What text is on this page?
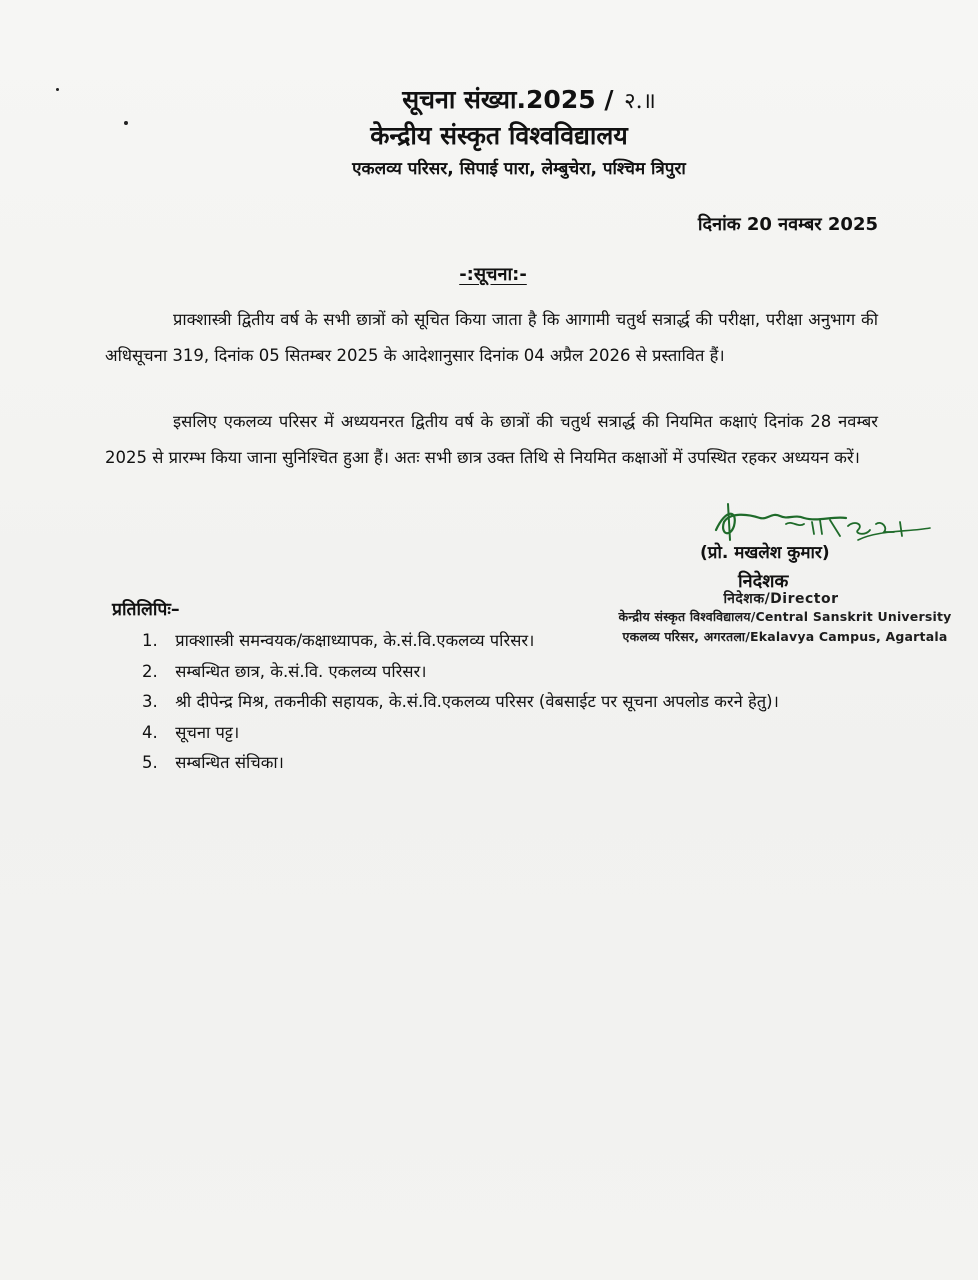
सूचना संख्या.2025 / २.॥
केन्द्रीय संस्कृत विश्वविद्यालय
एकलव्य परिसर, सिपाई पारा, लेम्बुचेरा, पश्चिम त्रिपुरा
दिनांक 20 नवम्बर 2025
-:सूचना:-
प्राक्शास्त्री द्वितीय वर्ष के सभी छात्रों को सूचित किया जाता है कि आगामी चतुर्थ सत्रार्द्ध की परीक्षा, परीक्षा अनुभाग की अधिसूचना 319, दिनांक 05 सितम्बर 2025 के आदेशानुसार दिनांक 04 अप्रैल 2026 से प्रस्तावित हैं।
इसलिए एकलव्य परिसर में अध्ययनरत द्वितीय वर्ष के छात्रों की चतुर्थ सत्रार्द्ध की नियमित कक्षाएं दिनांक 28 नवम्बर 2025 से प्रारम्भ किया जाना सुनिश्चित हुआ हैं। अतः सभी छात्र उक्त तिथि से नियमित कक्षाओं में उपस्थित रहकर अध्ययन करें।
(प्रो. मखलेश कुमार)
निदेशक
निदेशक/Director
केन्द्रीय संस्कृत विश्वविद्यालय/Central Sanskrit University
एकलव्य परिसर, अगरतला/Ekalavya Campus, Agartala
प्रतिलिपिः–
1. प्राक्शास्त्री समन्वयक/कक्षाध्यापक, के.सं.वि.एकलव्य परिसर।
2. सम्बन्धित छात्र, के.सं.वि. एकलव्य परिसर।
3. श्री दीपेन्द्र मिश्र, तकनीकी सहायक, के.सं.वि.एकलव्य परिसर (वेबसाईट पर सूचना अपलोड करने हेतु)।
4. सूचना पट्ट।
5. सम्बन्धित संचिका।
